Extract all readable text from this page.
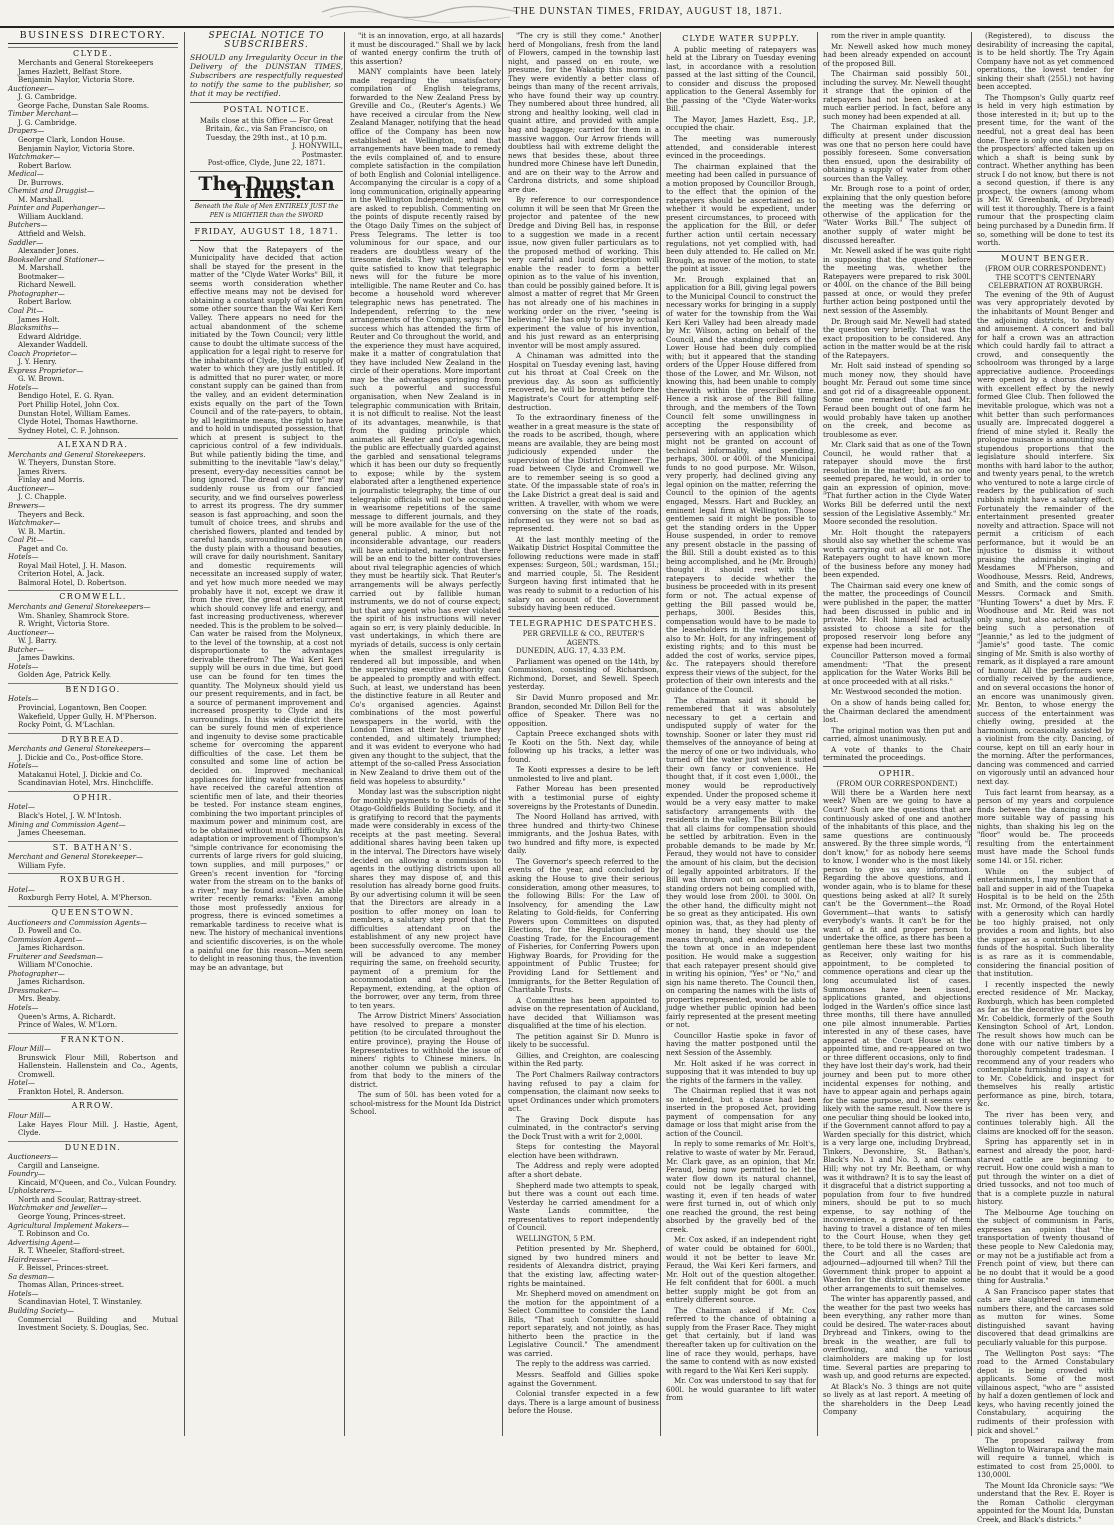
THE DUNSTAN TIMES, FRIDAY, AUGUST 18, 1871.
BUSINESS DIRECTORY.
CLYDE.
Merchants and General Storekeepers
James Hazlett, Belfast Store.
Benjamin Naylor, Victoria Store.
Auctioneer—
J. G. Cambridge.
George Fache, Dunstan Sale Rooms.
Timber Merchant—
J. G. Cambridge.
Drapers—
George Clark, London House.
Benjamin Naylor, Victoria Store.
Watchmaker—
Robert Barlow.
Medical—
Dr. Burrows.
Chemist and Druggist—
M. Marshall.
Painter and Paperhanger—
William Auckland.
Butchers—
Attfield and Welsh.
Saddler—
Alexander Jones.
Bookseller and Stationer—
M. Marshall.
Bootmaker—
Richard Newell.
Photographer—
Robert Barlow.
Coal Pit—
James Holt.
Blacksmiths—
Edward Aldridge.
Alexander Waddell.
Coach Proprietor—
J. Y. Henry.
Express Proprietor—
G. W. Brown.
Hotels—
Bendigo Hotel, E. G. Ryan.
Port Phillip Hotel, John Cox.
Dunstan Hotel, William Eames.
Clyde Hotel, Thomas Hawthorne.
Sydney Hotel, C. F. Johnson.
ALEXANDRA.
Merchants and General Storekeepers.
W. Theyers, Dunstan Store.
James Rivers.
Finlay and Morris.
Auctioneer—
J. C. Chapple.
Brewers—
Theyers and Beck.
Watchmaker—
W. B. Martin.
Coal Pit—
Paget and Co.
Hotels—
Royal Mail Hotel, J. H. Mason.
Criterion Hotel, A. Jack.
Balmoral Hotel, D. Robertson.
CROMWELL.
Merchants and General Storekeepers—
Wm. Shanley, Shamrock Store.
R. Wright, Victoria Store.
Auctioneer—
W. J. Barry.
Butcher—
James Dawkins.
Hotels—
Golden Age, Patrick Kelly.
BENDIGO.
Hotels—
Provincial, Logantown, Ben Cooper.
Wakefield, Upper Gully, H. M'Pherson.
Rocky Point, G. M'Lachlan.
DRYBREAD.
Merchants and General Storekeepers—
J. Dickie and Co., Post-office Store.
Hotels—
Matakanui Hotel, J. Dickie and Co.
Scandinavian Hotel, Mrs. Hinchcliffe.
OPHIR.
Hotel—
Black's Hotel, J. W. M'Intosh.
Mining and Commission Agent—
James Cheeseman.
ST. BATHAN'S.
Merchant and General Storekeeper—
William Fyfe.
ROXBURGH.
Hotel—
Roxburgh Ferry Hotel, A. M'Pherson.
QUEENSTOWN.
Auctioneers and Commission Agents—
D. Powell and Co.
Commission Agent—
James Richardson.
Fruiterer and Seedsman—
William M'Conochie.
Photographer—
James Richardson.
Dressmaker—
Mrs. Beaby.
Hotels—
Queen's Arms, A. Richardt.
Prince of Wales, W. M'Lorn.
FRANKTON.
Flour Mill—
Brunswick Flour Mill, Robertson and Hallenstein. Hallenstein and Co., Agents, Cromwell.
Hotel—
Frankton Hotel, R. Anderson.
ARROW.
Flour Mill—
Lake Hayes Flour Mill. J. Hastie, Agent, Clyde.
DUNEDIN.
Auctioneers—
Cargill and Lanseigne.
Foundry—
Kincaid, M'Queen, and Co., Vulcan Foundry.
Upholsterers—
North and Scoular, Rattray-street.
Watchmaker and Jeweller—
George Young, Princes-street.
Agricultural Implement Makers—
T. Robinson and Co.
Advertising Agent—
R. T. Wheeler, Stafford-street.
Hairdresser—
F. Beissel, Princes-street.
Sa desman—
Thomas Allan, Princes-street.
Hotels—
Scandinavian Hotel, T. Winstanley.
Building Society—
Commercial Building and Mutual Investment Society. S. Douglas, Sec.
SPECIAL NOTICE TO SUBSCRIBERS.
SHOULD any Irregularity Occur in the Delivery of the DUNSTAN TIMES, Subscribers are respectfully requested to notify the same to the publisher, so that it may be rectified.
POSTAL NOTICE.
Mails close at this Office — For Great Britain, &c., via San Francisco, on Tuesday, the 29th inst., at 10 p.m.
J. HONYWILL,
Postmaster.
Post-office, Clyde, June 22, 1871.
The Dunstan Times.
Beneath the Rule of Men ENTIRELY JUST the PEN is MIGHTIER than the SWORD
FRIDAY, AUGUST 18, 1871.

Now that the Ratepayers of the Municipality have decided that action shall be stayed for the present in the matter of the "Clyde Water Works" Bill, it seems worth consideration whether effective means may not be devised for obtaining a constant supply of water from some other source than the Wai Keri Keri Valley. There appears no need for the actual abandonment of the scheme initiated by the Town Council; very little cause to doubt the ultimate success of the application for a legal right to reserve for the inhabitants of Clyde, the full supply of water to which they are justly entitled. It is admitted that no purer water, or more constant supply can be gained than from the valley, and an evident determination exists equally on the part of the Town Council and of the rate-payers, to obtain, by all legitimate means, the right to have and to hold in undisputed possession, that which at present is subject to the capricious control of a few individuals. But while patiently biding the time, and submitting to the inevitable "law's delay," present, every-day necessities cannot be long ignored. The dread cry of "fire" may suddenly rouse us from our fancied security, and we find ourselves powerless to arrest its progress. The dry summer season is fast approaching, and soon the tumult of choice trees, and shrubs and cherished flowers, planted and tended by careful hands, surrounding our homes on the dusty plain with a thousand beauties, will crave for daily nourishment. Sanitary and domestic requirements will necessitate an increased supply of water, and yet how much more needed we may probably have it not, except we draw it from the river, the great arterial current which should convey life and energy, and fast increasing productiveness, wherever needed. This is the problem to be solved—Can water be raised from the Molyneux, to the level of the township, at a cost not disproportionate to the advantages derivable therefrom? The Wai Keri Keri supply will be ours in due time, but good use can be found for ten times the quantity. The Molyneux should yield us our present requirements, and in fact, be a source of permanent improvement and increased prosperity to Clyde and its surroundings. In this wide district there can be surely found men of experience and ingenuity to devise some practicable scheme for overcoming the apparent difficulties of the case. Let them be consulted and some line of action be decided on. Improved mechanical appliances for lifting water from streams have received the careful attention of scientific men of late, and their theories be tested. For instance steam engines, combining the two important principles of maximum power and minimum cost, are to be obtained without much difficulty. An adaptation or improvement of Thompson's "simple contrivance for economising the currents of large rivers for gold sluicing, town supplies, and mill purposes," or Green's recent invention for "forcing water from the stream on to the banks of a river," may be found available. An able writer recently remarks: "Even among those most professedly anxious for progress, there is evinced sometimes a remarkable tardiness to receive what is new. The history of mechanical inventions and scientific discoveries, is on the whole a painful one for this reason—Men seem to delight in reasoning thus, the invention may be an advantage, but

"it is an innovation, ergo, at all hazards it must be discouraged." Shall we by lack of wanted energy confirm the truth of this assertion?

MANY complaints have been lately made regarding the unsatisfactory compilation of English telegrams, forwarded to the New Zealand Press by Greville and Co., (Reuter's Agents.) We have received a circular from the New Zealand Manager, notifying that the head office of the Company has been now established at Wellington, and that arrangements have been made to remedy the evils complained of, and to ensure complete satisfaction in the compilation of both English and Colonial intelligence. Accompanying the circular is a copy of a long communication, originally appearing in the Wellington Independent; which we are asked to republish. Commenting on the points of dispute recently raised by the Otago Daily Times on the subject of Press Telegrams. The letter is too voluminous for our space, and our readers are doubtless weary of the tiresome details. They will perhaps be quite satisfied to know that telegraphic news will for the future be more intelligible. The name Reuter and Co. has become a household word wherever telegraphic news has penetrated. The Independent, referring to the new arrangements of the Company, says: "The success which has attended the firm of Reuter and Co throughout the world, and the experience they must have acquired, make it a matter of congratulation that they have included New Zealand in the circle of their operations. More important may be the advantages springing from such a powerful and successful organisation, when New Zealand is in telegraphic communication with Britain, it is not difficult to realise. Not the least of its advantages, meanwhile, is that from the guiding principle which animates all Reuter and Co's agencies, the public are effectually guarded against the garbled and sensational telegrams which it has been our duty so frequently to expose; while by the system elaborated after a lengthened experience in journalistic telegraphy, the time of our telegraphic officials will not be occupied in wearisome repetitions of the same message to different journals, and they will be more available for the use of the general public. A minor, but not inconsiderable advantage, our readers will have anticipated, namely, that there will be an end to the bitter controversies about rival telegraphic agencies of which they must be heartily sick. That Reuter's arrangements will be always perfectly carried out by fallible human instruments, we do not of course expect; but that any agent who has ever violated the spirit of his instructions will never again so err, is very plainly deducible. In vast undertakings, in which there are myriads of details, success is only certain when the smallest irregularity is rendered all but impossible, and when the supervising executive authority can be appealed to promptly and with effect. Such, at least, we understand has been the distinctive feature in all Reuter and Co's organised agencies. Against combinations of the most powerful newspapers in the world, with the London Times at their head, have they contended, and ultimately triumphed; and it was evident to everyone who had given any thought to the subject, that the attempt of the so-called Press Association in New Zealand to drive them out of the field was hopeless to absurdity."

Monday last was the subscription night for monthly payments to the funds of the Otago-Goldfields Building Society, and it is gratifying to record that the payments made were considerably in excess of the receipts at the past meeting. Several additional shares having been taken up in the interval. The Directors have wisely decided on allowing a commission to agents in the outlying districts upon all shares they may dispose of, and this resolution has already borne good fruits. By our advertising column it will be seen that the Directors are already in a position to offer money on loan to members, a salutary step proof that the difficulties attendant on the establishment of any new project have been successfully overcome. The money will be advanced to any member requiring the same, on freehold security, payment of a premium for the accommodation and legal charges. Repayment, extending, at the option of the borrower, over any term, from three to ten years.

The Arrow District Miners' Association have resolved to prepare a monster petition (to be circulated throughout the entire province), praying the House of Representatives to withhold the issue of miners' rights to Chinese miners. In another column we publish a circular from that body to the miners of the district.

The sum of 50l. has been voted for a school-mistress for the Mount Ida District School.

"The cry is still they come." Another herd of Mongolians, fresh from the land of Flowers, camped in the township last night, and passed on en route, we presume, for the Wakatip this morning. They were evidently a better class of beings than many of the recent arrivals, who have found their way up country. They numbered about three hundred, all strong and healthy looking, well clad in quaint attire, and provided with ample bag and baggage; carried for them in a massive waggon. Our Arrow friends will doubtless hail with extreme delight the news that besides these, about three hundred more Chinese have left Dunedin, and are on their way to the Arrow and Cardrona districts, and some shipload are due.

By reference to our correspondence column it will be seen that Mr Green the projector and patentee of the new Dredge and Diving Bell has, in response to a suggestion we made in a recent issue, now given fuller particulars as to the proposed method of working. This very careful and lucid description will enable the reader to form a better opinion as to the value of his invention, than could be possibly gained before. It is almost a matter of regret that Mr Green has not already one of his machines in working order on the river, "seeing is believing." He has only to prove by actual experiment the value of his invention, and his just reward as an enterprising inventor will be most amply assured.

A Chinaman was admitted into the Hospital on Tuesday evening last, having cut his throat at Coal Creek on the previous day. As soon as sufficiently recovered, he will be brought before the Magistrate's Court for attempting self-destruction.

To the extraordinary fineness of the weather in a great measure is the state of the roads to be ascribed, though, where means are available, they are being most judiciously expended under the supervision of the District Engineer. The road between Clyde and Cromwell we are to remember seeing is so good a state. Of the impassable state of roa's in the Lake District a great deal is said and written. A traveller, with whom we were conversing on the state of the roads, informed us they were not so bad as represented.

At the last monthly meeting of the Waikatip District Hospital Committee the following reductions were made in staff expenses: Surgeon, 50l.; wardsman, 15l.; and married couple, 5l. The Resident Surgeon having first intimated that he was ready to submit to a reduction of his salary on account of the Government subsidy having been reduced.

TELEGRAPHIC DESPATCHES.
PER GREVILLE & CO., REUTER'S AGENTS.

DUNEDIN, AUG. 17, 4.33 P.M.

Parliament was opened on the 14th, by Commission, consisting of Richardson, Richmond, Dorset, and Sewell. Speech yesterday.

Sir David Munro proposed and Mr. Brandon, seconded Mr. Dillon Bell for the office of Speaker. There was no opposition.

Captain Preece exchanged shots with Te Kooti on the 5th. Next day, while following up his tracks, a letter was found.

Te Kooti expresses a desire to be left unmolested to live and plant.

Father Moreau has been presented with a testimonial purse of eighty sovereigns by the Protestants of Dunedin.

The Noord Holland has arrived, with three hundred and thirty-two Chinese immigrants, and the Joshua Bates, with two hundred and fifty more, is expected daily.

The Governor's speech referred to the events of the year, and concluded by asking the House to give their serious consideration, among other measures, to the following Bills: For the Law of Insolvency, for amending the Law Relating to Gold-fields, for Conferring Powers upon Committees on disputed Elections, for the Regulation of the Coasting Trade, for the Encouragement of Fisheries, for Conferring Powers upon Highway Boards, for Providing for the appointment of Public Trustee; for Providing Land for Settlement and Immigrants, for the Better Regulation of Charitable Trusts.

A Committee has been appointed to advise on the representation of Auckland, have decided that Williamson was disqualified at the time of his election.

The petition against Sir D. Munro is likely to be successful.

Gillies, and Creighton, are coalescing within the Red party.

The Port Chalmers Railway contractors having refused to pay a claim for compensation, the claimant now seeks to upset Ordinances under which promoters act.

The Graving Dock dispute has culminated, in the contractor's serving the Dock Trust with a writ for 2,000l.

Steps for contesting the Mayoral election have been withdrawn.

The Address and reply were adopted after a short debate.

Shepherd made two attempts to speak, but there was a count out each time. Vesterday he carried amendment for a Waste Lands committee, the representatives to report independently of Council.

WELLINGTON, 5 P.M.

Petition presented by Mr. Shepherd, signed by two hundred miners and residents of Alexandra district, praying that the existing law, affecting water-rights be maintained.

Mr. Shepherd moved on amendment on the motion for the appointment of a Select Committee to consider the Land Bills, "That such Committee should report separately, and not jointly, as has hitherto been the practice in the Legislative Council." The amendment was carried.

The reply to the address was carried.

Messrs. Seaffold and Gillies spoke against the Government.

Colonial transfer expected in a few days. There is a large amount of business before the House.

CLYDE WATER SUPPLY.

A public meeting of ratepayers was held at the Library on Tuesday evening last, in accordance with a resolution passed at the last sitting of the Council, to consider and discuss the proposed application to the General Assembly for the passing of the "Clyde Water-works Bill."

The Mayor, James Hazlett, Esq., J.P., occupied the chair.

The meeting was numerously attended, and considerable interest evinced in the proceedings.

The chairman explained that the meeting had been called in pursuance of a motion proposed by Councillor Brough, to the effect that the opinion of the ratepayers should be ascertained as to whether it would be expedient, under present circumstances, to proceed with the application for the Bill, or defer further action until certain necessary regulations, not yet complied with, had been duly attended to. He called on Mr. Brough, as mover of the motion, to state the point at issue.

Mr. Brough explained that an application for a Bill, giving legal powers to the Municipal Council to construct the necessary works for bringing in a supply of water for the township from the Wai Keri Keri Valley had been already made by Mr. Wilson, acting on behalf of the Council, and the standing orders of the Lower House had been duly complied with; but it appeared that the standing orders of the Upper House differed from those of the Lower, and Mr. Wilson, not knowing this, had been unable to comply therewith within the prescribed time. Hence a risk arose of the Bill falling through, and the members of the Town Council felt some unwillingness in accepting the responsibility of persevering with an application which might not be granted on account of technical informality, and spending, perhaps, 300l. or 400l. of the Municipal funds to no good purpose. Mr. Wilson, very properly, had declined giving any legal opinion on the matter, referring the Council to the opinion of the agents engaged, Messrs. Hart and Buckley, an eminent legal firm at Wellington. Those gentlemen said it might be possible to get the standing orders in the Upper House suspended, in order to remove any present obstacle in the passing of the Bill. Still a doubt existed as to this being accomplished, and he (Mr. Brough) thought it should rest with the ratepayers to decide whether the business be proceeded with in its present form or not. The actual expense of getting the Bill passed would be, perhaps, 300l. Besides this, compensation would have to be made to the leaseholders in the valley, possibly also to Mr. Holt, for any infringement of existing rights; and to this must be added the cost of works, service pipes, &c. The ratepayers should therefore express their views of the subject, for the protection of their own interests and the guidance of the Council.

The chairman said it should be remembered that it was absolutely necessary to get a certain and undisputed supply of water for the township. Sooner or later they must rid themselves of the annoyance of being at the mercy of one or two individuals, who turned off the water just when it suited their own fancy or convenience. He thought that, if it cost even 1,000l., the money would be reproductively expended. Under the proposed scheme it would be a very easy matter to make satisfactory arrangements with the residents in the valley. The Bill provides that all claims for compensation should be settled by arbitration. Even in the probable demands to be made by Mr. Feraud, they would not have to consider the amount of his claim, but the decision of legally appointed arbitrators. If the Bill was thrown out on account of the standing orders not being complied with, they would lose from 200l. to 300l. On the other hand, the difficulty might not be so great as they anticipated. His own opinion was, that, as they had plenty of money in hand, they should use the means through, and endeavor to place the town at once in an independent position. He would make a suggestion that each ratepayer present should give in writing his opinion, "Yes" or "No," and sign his name thereto. The Council then, on comparing the names with the lists of properties represented, would be able to judge whether public opinion had been fairly represented at the present meeting or not.

Councillor Hastie spoke in favor of having the matter postponed until the next Session of the Assembly.

Mr. Holt asked if he was correct in supposing that it was intended to buy up the rights of the farmers in the valley.

The Chairman replied that it was not so intended, but a clause had been inserted in the proposed Act, providing payment of compensation for any damage or loss that might arise from the action of the Council.

In reply to some remarks of Mr. Holt's, relative to waste of water by Mr. Feraud, Mr. Clark gave, as an opinion, that Mr. Feraud, being now permitted to let the water flow down its natural channel, could not be legally charged with wasting it, even if ten heads of water were first turned in, out of which only one reached the ground, the rest being absorbed by the gravelly bed of the creek.

Mr. Cox asked, if an independent right of water could be obtained for 600l., would it not be better to leave Mr. Feraud, the Wai Keri Keri farmers, and Mr. Holt out of the question altogether. He felt confident that for 600l. a much better supply might be got from an entirely different source.

The Chairman asked if Mr. Cox referred to the chance of obtaining a supply from the Fraser Race. They might get that certainly, but if land was thereafter taken up for cultivation on the line of race they would, perhaps, have the same to contend with as now existed with regard to the Wai Keri Keri supply.

Mr. Cox was understood to say that for 600l. he would guarantee to lift water from

rom the river in ample quantity.

Mr. Newell asked how much money had been already expended on account of the proposed Bill.

The Chairman said possibly 50l., including the survey. Mr. Newell thought it strange that the opinion of the ratepayers had not been asked at a much earlier period. In fact, before any such money had been expended at all.

The Chairman explained that the difficulty at present under discussion was one that no person here could have possibly foreseen. Some conversation then ensued, upon the desirability of obtaining a supply of water from other sources than the Valley.

Mr. Brough rose to a point of order, explaining that the only question before the meeting was the deferring or otherwise of the application for the "Water Works Bill." The subject of another supply of water might be discussed hereafter.

Mr. Newell asked if he was quite right in supposing that the question before the meeting was, whether the Ratepayers were prepared to risk 300l. or 400l. on the chance of the Bill being passed at once, or would they prefer further action being postponed until the next session of the Assembly.

Dr. Brough said Mr. Newell had stated the question very briefly. That was the exact proposition to be considered. Any action in the matter would be at the risk of the Ratepayers.

Mr. Holt said instead of spending so much money now, they should have bought Mr. Feraud out some time since and got rid of a disagreeable opponent. Some one remarked that, had Mr. Feraud been bought out of one farm he would probably have taken up another on the creek, and become as troublesome as ever.

Mr. Clark said that as one of the Town Council, he would rather that a ratepayer should move the first resolution in the matter; but as no one seemed prepared, he would, in order to gain an expression of opinion, move: "That further action in the Clyde Water Works Bill be deferred until the next session of the Legislative Assembly." Mr. Moore seconded the resolution.

Mr. Holt thought the ratepayers should also say whether the scheme was worth carrying out at all or not. The Ratepayers ought to have known more of the business before any money had been expended.

The Chairman said every one knew of the matter, the proceedings of Council were published in the paper, the matter had been discussed in public and in private. Mr. Holt himself had actually assisted to choose a site for the proposed reservoir long before any expense had been incurred.

Councillor Patterson moved a formal amendment: "That the present application for the Water Works Bill be at once proceeded with at all risks."

Mr. Westwood seconded the motion.

On a show of hands being called for, the Chairman declared the amendment lost.

The original motion was then put and carried, almost unanimously.

A vote of thanks to the Chair terminated the proceedings.

OPHIR.
(FROM OUR CORRESPONDENT.)

Will there be a Warden here next week? When are we going to have a Court? Such are the questions that are continuously asked of one and another of the inhabitants of this place, and the same questions are continuously answered. By the three simple words, "I don't know," for as nobody here seems to know, I wonder who is the most likely person to give us any information. Regarding the above questions, and I wonder again, who is to blame for these questions being asked at all? It surely can't be the Government—the Road Government—that wants to satisfy everybody's wants. It can't be for the want of a fit and proper person to undertake the office, as there has been a gentleman here these last two months as Receiver, only waiting for his appointment, to be completed to commence operations and clear up the long accumulated list of cases. Summonses have been issued, applications granted, and objections lodged in the Warden's office since last three months, till there have annulled one pile almost innumerable. Parties interested in any of these cases, have appeared at the Court House at the appointed time, and re-appeared on two or three different occasions, only to find they have lost their day's work, had their journey and been put to more other incidental expenses for nothing, and have to appear again and perhaps again for the same purpose, and it seems very likely with the same result. Now there is one peculiar thing should be looked into, if the Government cannot afford to pay a Warden specially for this district, which is a very large one, including Drybread, Tinkers, Devonshire, St. Bathan's, Black's No. 1 and No. 3, and German Hill; why not try Mr. Beetham, or why was it withdrawn? It is to say the least of it disgraceful that a district supporting a population from four to five hundred miners, should be put to so much expense, to say nothing of the inconvenience, a great many of them having to travel a distance of ten miles to the Court House, when they get there, to be told there is no Warden; that the Court and all the cases are adjourned—adjourned till when? Till the Government think proper to appoint a Warden for the district, or make some other arrangements to suit themselves.

The winter has apparently passed, and the weather for the past two weeks has been everything, any rather more than could be desired. The water-races about Drybread and Tinkers, owing to the break in the weather, are full to overflowing, and the various claimholders are making up for lost time. Several parties are preparing to wash up, and good returns are expected.

At Black's No. 3 things are not quite so lively as at last report. A meeting of the shareholders in the Deep Lead Company

(Registered), to discuss the desirability of increasing the capital, is to be held shortly. The Try Again Company have not as yet commenced operations, the lowest tender for sinking their shaft (255l.) not having been accepted.

The Thompson's Gully quartz reef is held in very high estimation by those interested in it; but up to the present time, for the want of the needful, not a great deal has been done. There is only one claim besides the prospectors' affected taken up on which a shaft is being sunk by contract. Whether anything has been struck I do not know, but there is not a second question, if there is any prospect, the owners (among whom is Mr. W. Greenbank, of Drybread) will test it thoroughly. There is a faint rumour that the prospecting claim being purchased by a Dunedin firm. If so, something will be done to test its worth.

MOUNT BENGER.
(FROM OUR CORRESPONDENT.)
THE SCOTT'S CENTENARY CELEBRATION AT ROXBURGH.

The evening of the 9th of August was very appropriately devoted by the inhabitants of Mount Benger and the adjoining districts, to festivity and amusement. A concert and ball for half a crown was an attraction which could hardly fail to attract a crowd, and consequently the schoolroom was thronged by a large appreciative audience. Proceedings were opened by a chorus delivered with excellent effect by the newly formed Glee Club. Then followed the inevitable prologue, which was not a whit better than such performances usually are. Imprecated doggerel a friend of mine styled it. Really the prologue nuisance is amounting such stupendous proportions that the legislature should interfere. Six months with hard labor to the author, and twenty years penal, to the wretch who ventured to note a large circle of readers by the publication of such rubbish might have a salutary effect. Fortunately the remainder of the entertainment presented greater novelty and attraction. Space will not permit a criticism of each performance, but it would be an injustice to dismiss it without praising the admirable singing of Mesdames M'Pherson, and Woodhouse, Messrs. Reid, Andrews, and Smith, and the comic songs of Messrs. Cormack and Smith. "Hunting Towers" a duet by Mrs. F. Woodhouse and Mr. Reid was not only sung, but also acted, the result being such a personation of "Jeannie," as led to the judgment of "Jamie's" good taste. The comic singing of Mr. Smith is also worthy of remark, as it displayed a rare amount of humour. All the performers were cordially received by the audience, and on several occasions the honor of an encore was unanimously given. Mr. Benton, to whose energy the success of the entertainment was chiefly owing, presided at the harmonium, occasionally assisted by a violinist from the city. Dancing, of course, kept on till an early hour in the morning. After the performances, dancing was commenced and carried on vigorously until an advanced hour next day.

Tuis fact learnt from hearsay, as a person of my years and corpulence finds between the dancing a much more suitable way of passing his nights, than shaking his leg on the "floor" would be. The proceeds resulting from the entertainment must have made the School funds some 14l. or 15l. richer.

While on the subject of entertainments, I may mention that a ball and supper in aid of the Tuapeka Hospital is to be held on the 25th inst. Mr. Ormond, of the Royal Hotel with a generosity which can hardly be too highly praised, not only provides a room and lights, but also the supper as a contribution to the funds of the hospital. Such liberality is as rare as it is commendable, considering the financial position of that institution.

I recently inspected the newly erected residence of Mr. Mackay, Roxburgh, which has been completed as far as the decorative part goes by Mr. Cobeldick, formerly of the South Kensington School of Art, London. The result shows how much can be done with our native timbers by a thoroughly competent tradesman. I recommend any of your readers who contemplate furnishing to pay a visit to Mr. Cobeldick, and inspect for themselves his really artistic performance as pine, birch, totara, &c.

The river has been very, and continues tolerably high. All the claims are knocked off for the season.

Spring has apparently set in in earnest and already the poor, hard-starved cattle are beginning to recruit. How one could wish a man to put through the winter on a diet of dried tussocks, and not too much of that is a complete puzzle in natural history.

The Melbourne Age touching on the subject of communism in Paris, expresses an opinion that "the transportation of twenty thousand of these people to New Caledonia may, or may not be a justifiable act from a French point of view, but there can be no doubt that it would be a good thing for Australia."

A San Francisco paper states that cats are slaughtered in immense numbers there, and the carcases sold as mutton for wines. Some distinguished savant having discovered that dead grimalkins are peculiarly valuable for this purpose.

The Wellington Post says: "The road to the Armed Constabulary depot is being crowded with applicants. Some of the most villainous aspect, "who are " assisted by half a dozen gentlemen of lock and keys, who having recently joined the Constabulary, acquiring the rudiments of their profession with pick and shovel."

The proposed railway from Wellington to Wairarapa and the main will require a tunnel, which is estimated to cost from 25,000l. to 130,000l.

The Mount Ida Chronicle says: "We understand that the Rev. E. Royer is the Roman Catholic clergyman appointed for the Mount Ida, Dunstan Creek, and Black's districts."
